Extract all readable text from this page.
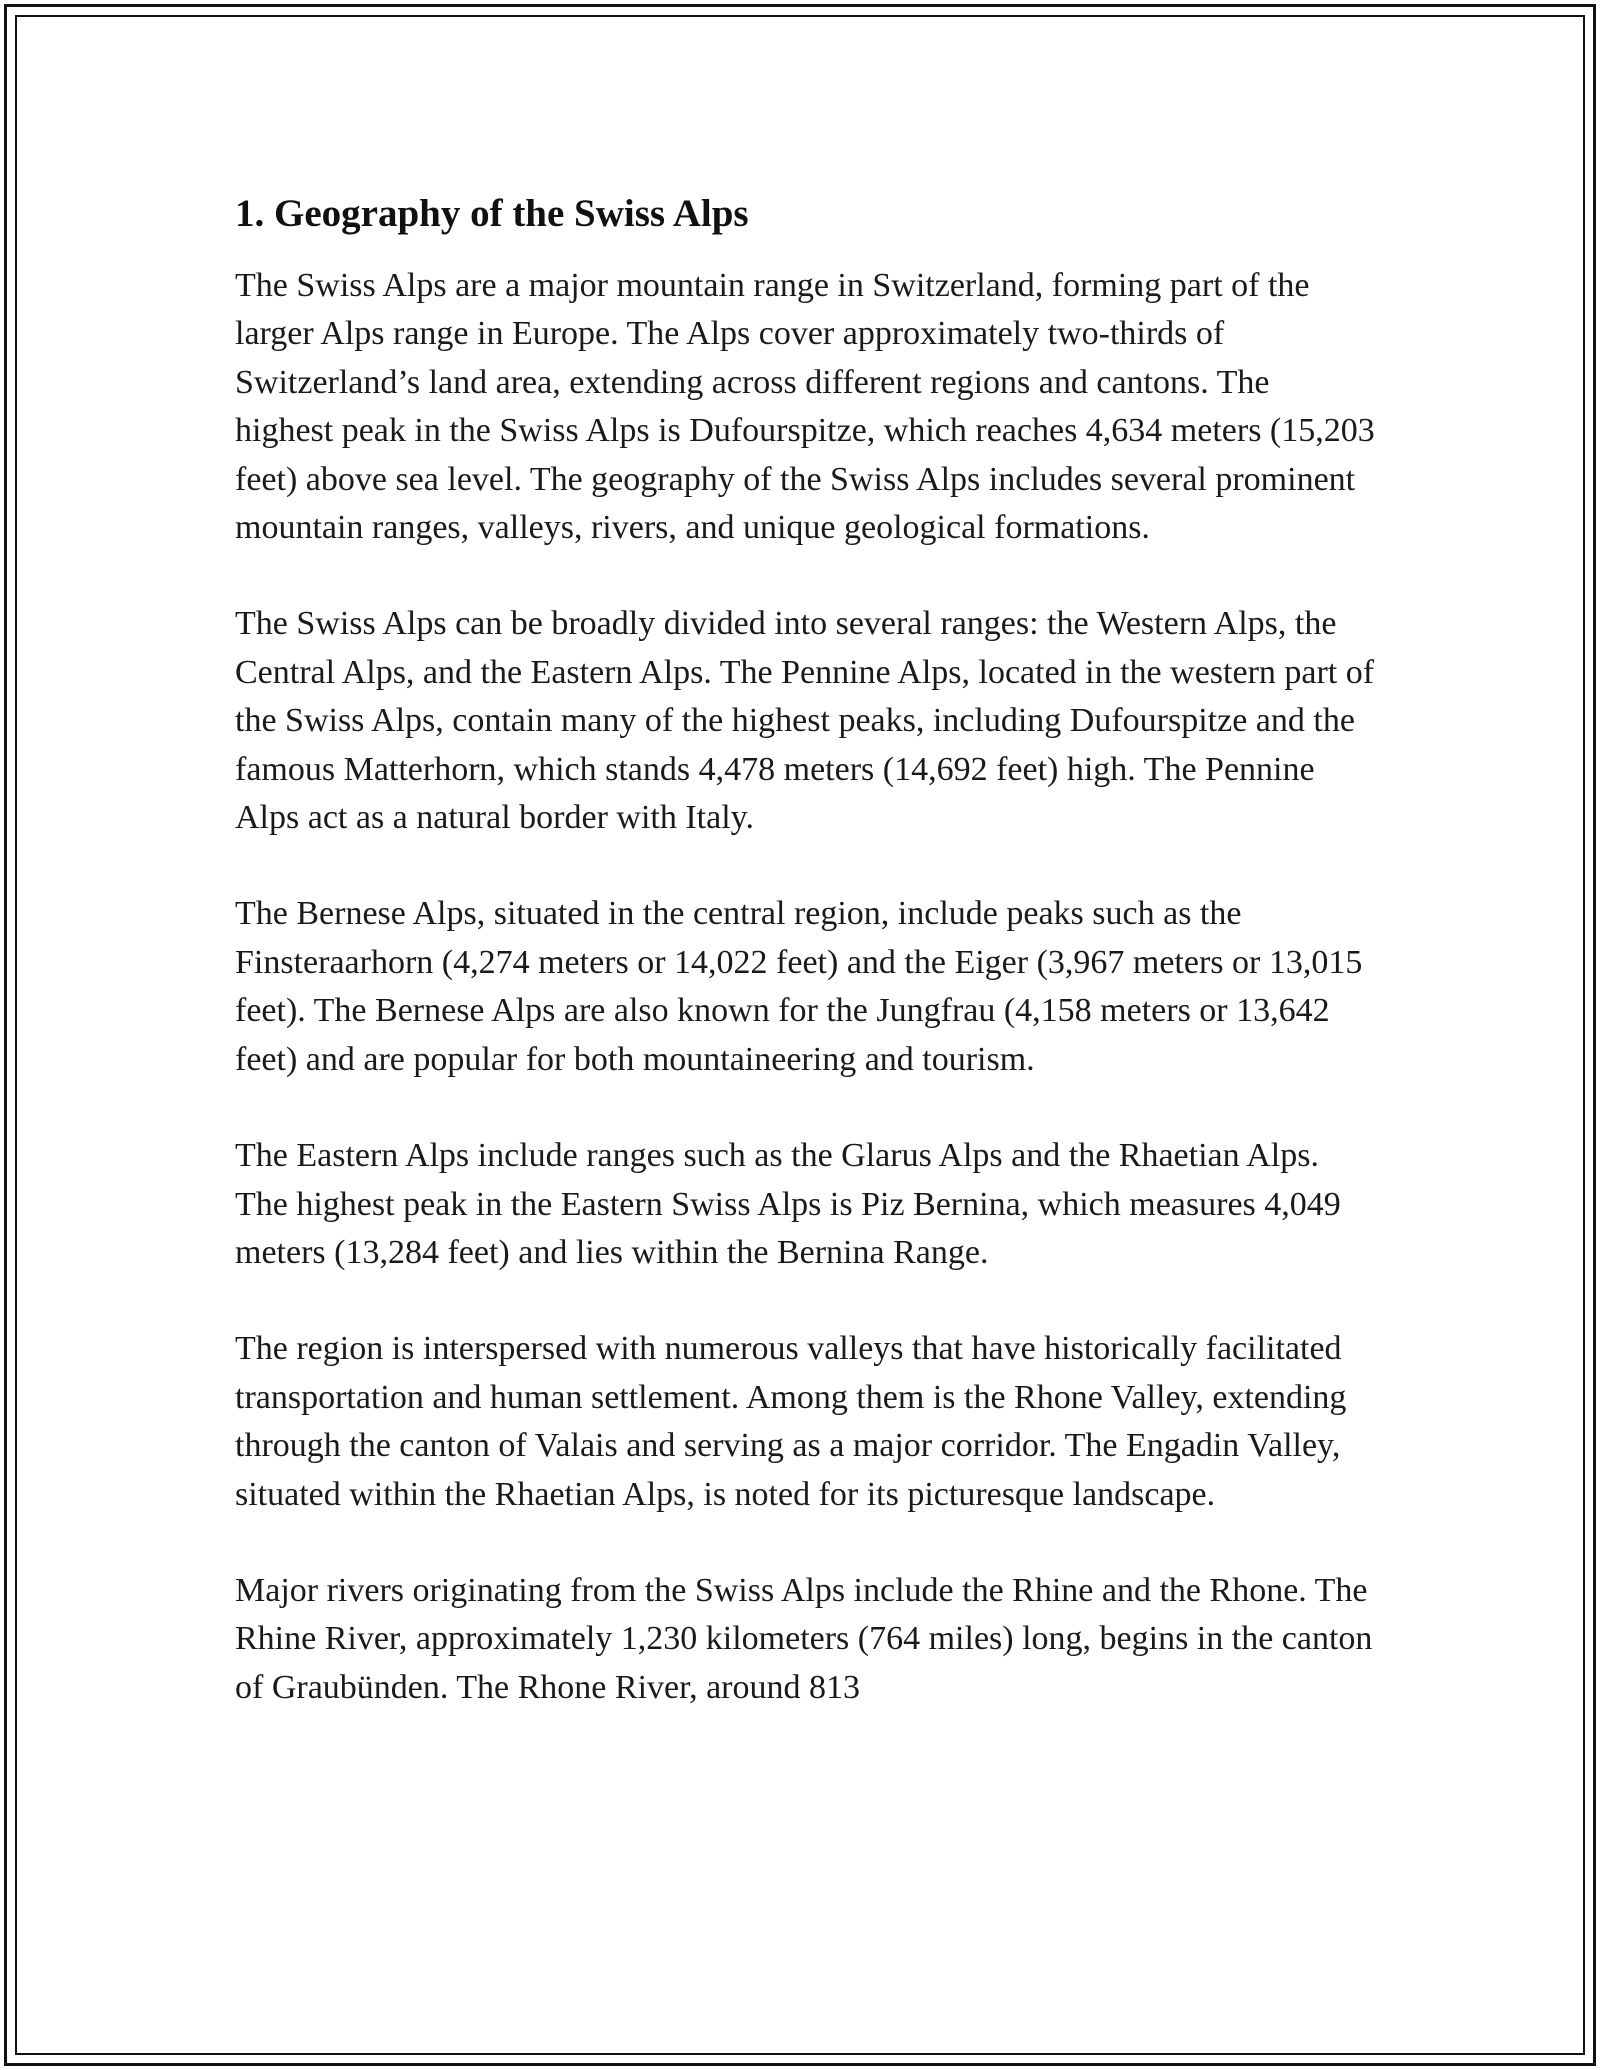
1. Geography of the Swiss Alps

The Swiss Alps are a major mountain range in Switzerland, forming part of the larger Alps range in Europe. The Alps cover approximately two-thirds of Switzerland’s land area, extending across different regions and cantons. The highest peak in the Swiss Alps is Dufourspitze, which reaches 4,634 meters (15,203 feet) above sea level. The geography of the Swiss Alps includes several prominent mountain ranges, valleys, rivers, and unique geological formations.

The Swiss Alps can be broadly divided into several ranges: the Western Alps, the Central Alps, and the Eastern Alps. The Pennine Alps, located in the western part of the Swiss Alps, contain many of the highest peaks, including Dufourspitze and the famous Matterhorn, which stands 4,478 meters (14,692 feet) high. The Pennine Alps act as a natural border with Italy.

The Bernese Alps, situated in the central region, include peaks such as the Finsteraarhorn (4,274 meters or 14,022 feet) and the Eiger (3,967 meters or 13,015 feet). The Bernese Alps are also known for the Jungfrau (4,158 meters or 13,642 feet) and are popular for both mountaineering and tourism.

The Eastern Alps include ranges such as the Glarus Alps and the Rhaetian Alps. The highest peak in the Eastern Swiss Alps is Piz Bernina, which measures 4,049 meters (13,284 feet) and lies within the Bernina Range.

The region is interspersed with numerous valleys that have historically facilitated transportation and human settlement. Among them is the Rhone Valley, extending through the canton of Valais and serving as a major corridor. The Engadin Valley, situated within the Rhaetian Alps, is noted for its picturesque landscape.

Major rivers originating from the Swiss Alps include the Rhine and the Rhone. The Rhine River, approximately 1,230 kilometers (764 miles) long, begins in the canton of Graubünden. The Rhone River, around 813
